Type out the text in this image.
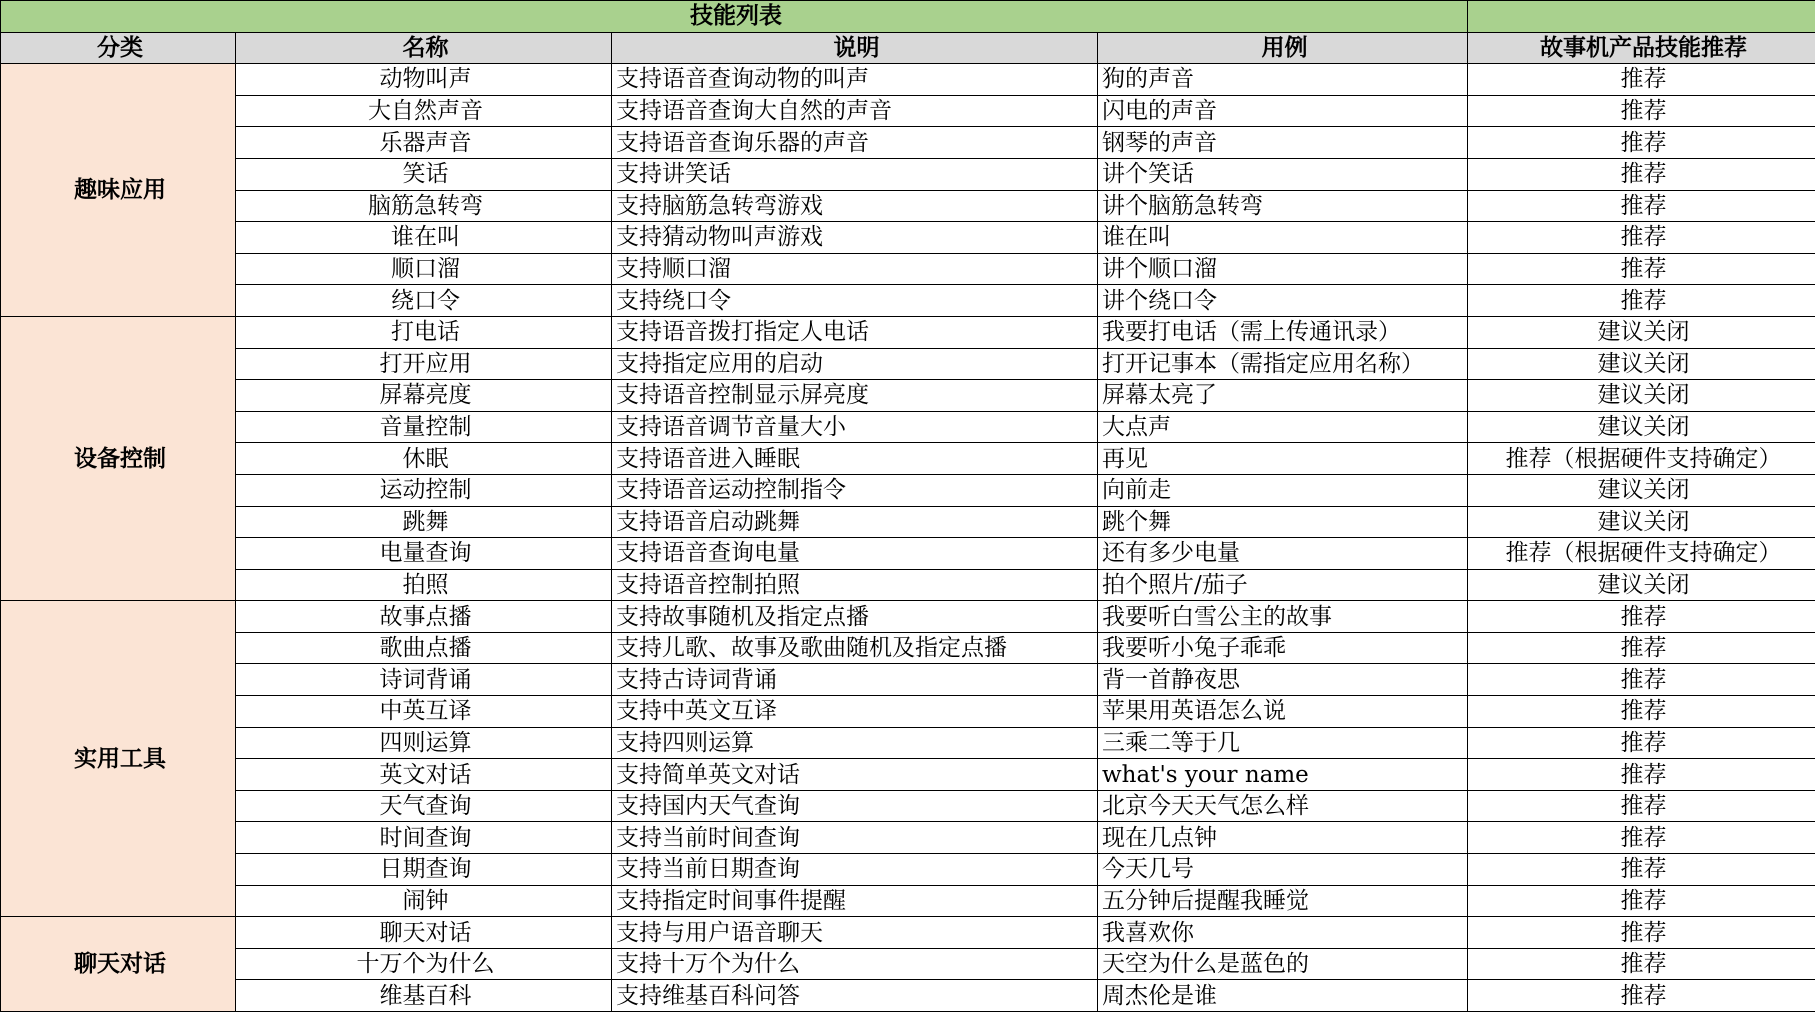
技能列表				
分类	名称	说明	用例	故事机产品技能推荐
趣味应用	动物叫声	支持语音查询动物的叫声	狗的声音	推荐
	大自然声音	支持语音查询大自然的声音	闪电的声音	推荐
	乐器声音	支持语音查询乐器的声音	钢琴的声音	推荐
	笑话	支持讲笑话	讲个笑话	推荐
	脑筋急转弯	支持脑筋急转弯游戏	讲个脑筋急转弯	推荐
	谁在叫	支持猜动物叫声游戏	谁在叫	推荐
	顺口溜	支持顺口溜	讲个顺口溜	推荐
	绕口令	支持绕口令	讲个绕口令	推荐
设备控制	打电话	支持语音拨打指定人电话	我要打电话（需上传通讯录）	建议关闭
	打开应用	支持指定应用的启动	打开记事本（需指定应用名称）	建议关闭
	屏幕亮度	支持语音控制显示屏亮度	屏幕太亮了	建议关闭
	音量控制	支持语音调节音量大小	大点声	建议关闭
	休眠	支持语音进入睡眠	再见	推荐（根据硬件支持确定）
	运动控制	支持语音运动控制指令	向前走	建议关闭
	跳舞	支持语音启动跳舞	跳个舞	建议关闭
	电量查询	支持语音查询电量	还有多少电量	推荐（根据硬件支持确定）
	拍照	支持语音控制拍照	拍个照片/茄子	建议关闭
实用工具	故事点播	支持故事随机及指定点播	我要听白雪公主的故事	推荐
	歌曲点播	支持儿歌、故事及歌曲随机及指定点播	我要听小兔子乖乖	推荐
	诗词背诵	支持古诗词背诵	背一首静夜思	推荐
	中英互译	支持中英文互译	苹果用英语怎么说	推荐
	四则运算	支持四则运算	三乘二等于几	推荐
	英文对话	支持简单英文对话	what's your name	推荐
	天气查询	支持国内天气查询	北京今天天气怎么样	推荐
	时间查询	支持当前时间查询	现在几点钟	推荐
	日期查询	支持当前日期查询	今天几号	推荐
	闹钟	支持指定时间事件提醒	五分钟后提醒我睡觉	推荐
聊天对话	聊天对话	支持与用户语音聊天	我喜欢你	推荐
	十万个为什么	支持十万个为什么	天空为什么是蓝色的	推荐
	维基百科	支持维基百科问答	周杰伦是谁	推荐
